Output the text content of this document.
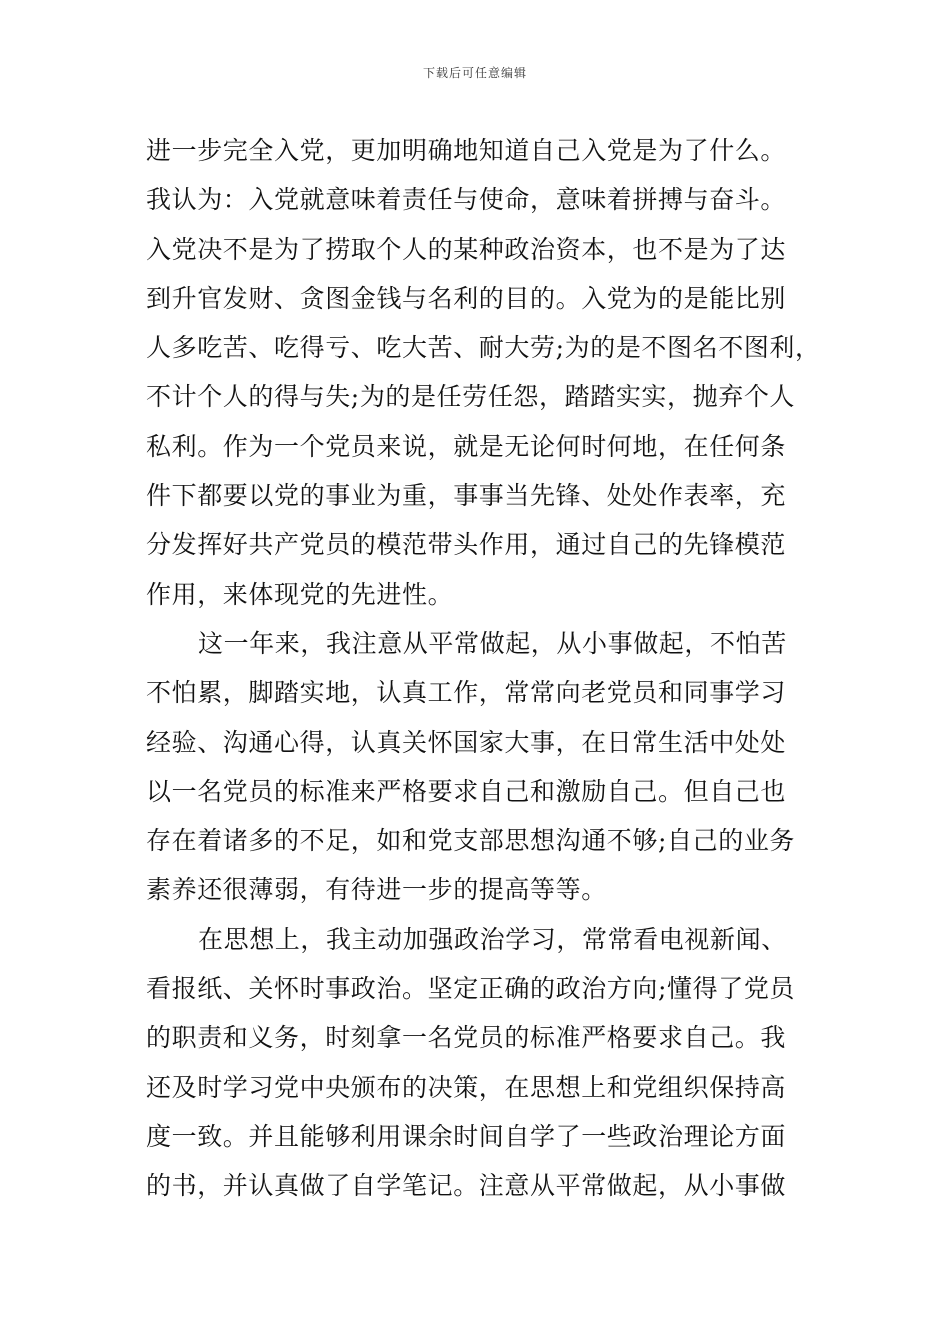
下载后可任意编辑
进一步完全入党，更加明确地知道自己入党是为了什么。
我认为：入党就意味着责任与使命，意味着拼搏与奋斗。
入党决不是为了捞取个人的某种政治资本，也不是为了达
到升官发财、贪图金钱与名利的目的。入党为的是能比别
人多吃苦、吃得亏、吃大苦、耐大劳;为的是不图名不图利，
不计个人的得与失;为的是任劳任怨，踏踏实实，抛弃个人
私利。作为一个党员来说，就是无论何时何地，在任何条
件下都要以党的事业为重，事事当先锋、处处作表率，充
分发挥好共产党员的模范带头作用，通过自己的先锋模范
作用，来体现党的先进性。
这一年来，我注意从平常做起，从小事做起，不怕苦
不怕累，脚踏实地，认真工作，常常向老党员和同事学习
经验、沟通心得，认真关怀国家大事，在日常生活中处处
以一名党员的标准来严格要求自己和激励自己。但自己也
存在着诸多的不足，如和党支部思想沟通不够;自己的业务
素养还很薄弱，有待进一步的提高等等。
在思想上，我主动加强政治学习，常常看电视新闻、
看报纸、关怀时事政治。坚定正确的政治方向;懂得了党员
的职责和义务，时刻拿一名党员的标准严格要求自己。我
还及时学习党中央颁布的决策，在思想上和党组织保持高
度一致。并且能够利用课余时间自学了一些政治理论方面
的书，并认真做了自学笔记。注意从平常做起，从小事做
